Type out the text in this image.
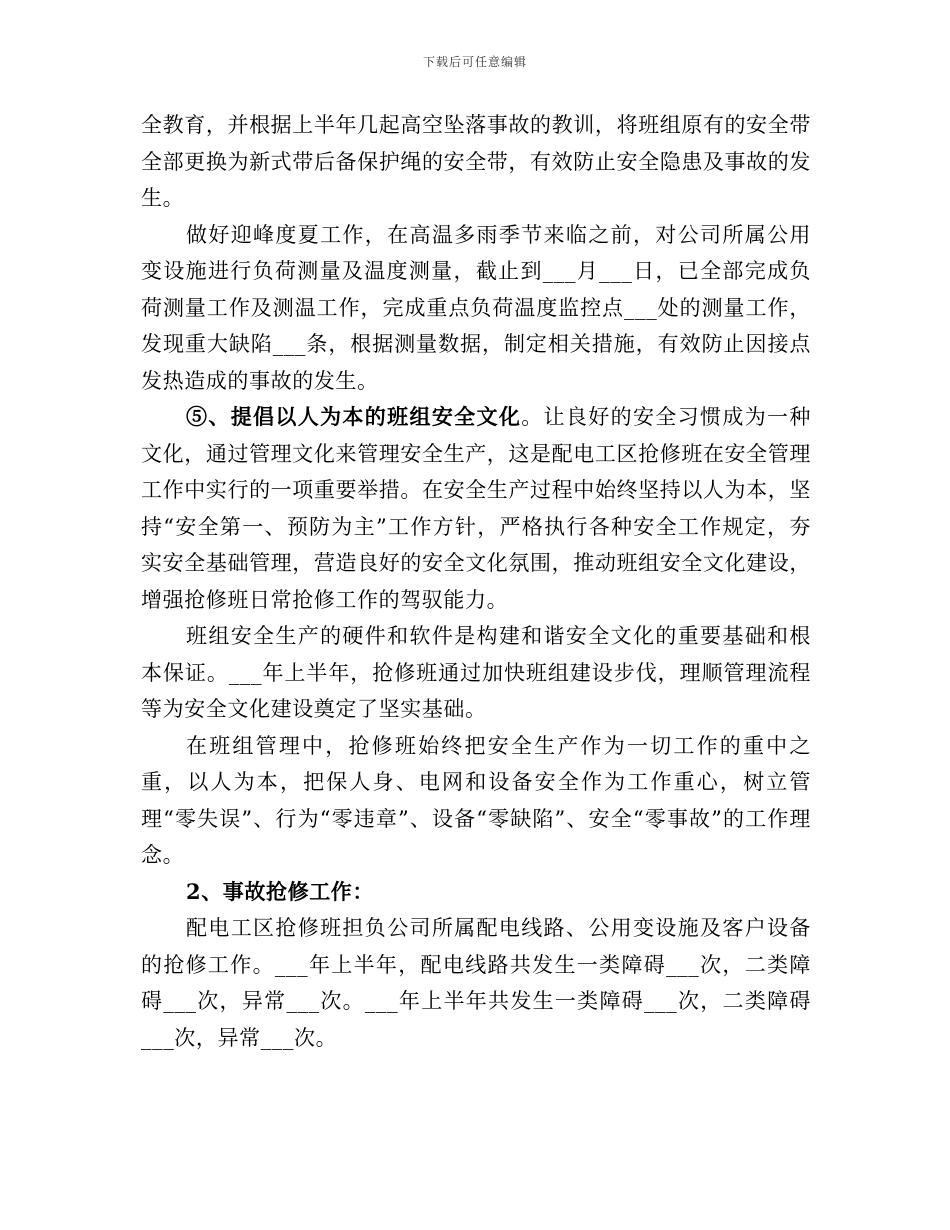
下载后可任意编辑

全教育，并根据上半年几起高空坠落事故的教训，将班组原有的安全带全部更换为新式带后备保护绳的安全带，有效防止安全隐患及事故的发生。

做好迎峰度夏工作，在高温多雨季节来临之前，对公司所属公用变设施进行负荷测量及温度测量，截止到___月___日，已全部完成负荷测量工作及测温工作，完成重点负荷温度监控点___处的测量工作，发现重大缺陷___条，根据测量数据，制定相关措施，有效防止因接点发热造成的事故的发生。

⑤、提倡以人为本的班组安全文化。让良好的安全习惯成为一种文化，通过管理文化来管理安全生产，这是配电工区抢修班在安全管理工作中实行的一项重要举措。在安全生产过程中始终坚持以人为本，坚持“安全第一、预防为主”工作方针，严格执行各种安全工作规定，夯实安全基础管理，营造良好的安全文化氛围，推动班组安全文化建设，增强抢修班日常抢修工作的驾驭能力。

班组安全生产的硬件和软件是构建和谐安全文化的重要基础和根本保证。___年上半年，抢修班通过加快班组建设步伐，理顺管理流程等为安全文化建设奠定了坚实基础。

在班组管理中，抢修班始终把安全生产作为一切工作的重中之重，以人为本，把保人身、电网和设备安全作为工作重心，树立管理“零失误”、行为“零违章”、设备“零缺陷”、安全“零事故”的工作理念。

2、事故抢修工作：

配电工区抢修班担负公司所属配电线路、公用变设施及客户设备的抢修工作。___年上半年，配电线路共发生一类障碍___次，二类障碍___次，异常___次。___年上半年共发生一类障碍___次，二类障碍___次，异常___次。
